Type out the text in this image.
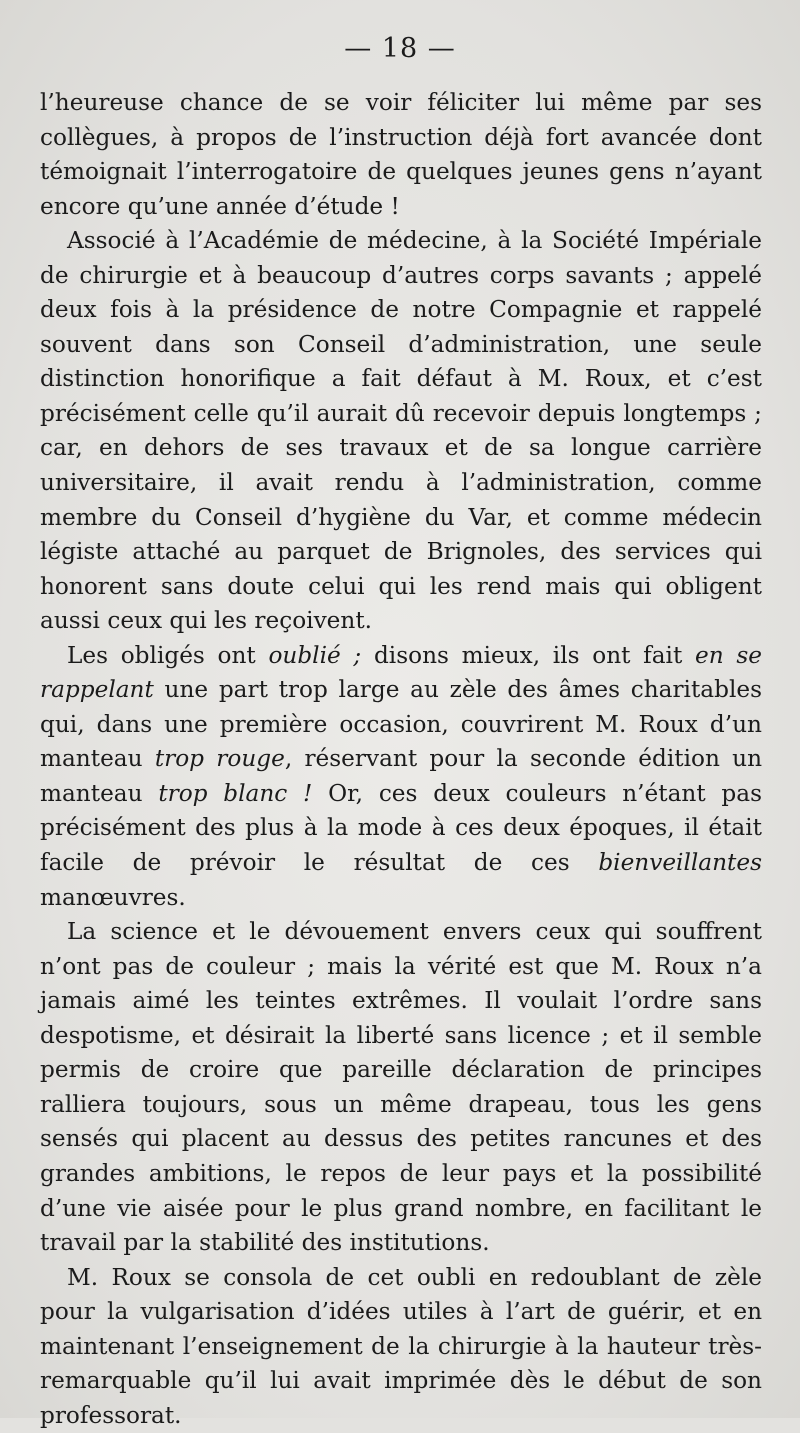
— 18 —

l’heureuse chance de se voir féliciter lui même par ses collègues, à propos de l’instruction déjà fort avancée dont témoignait l’interrogatoire de quelques jeunes gens n’ayant encore qu’une année d’étude !

Associé à l’Académie de médecine, à la Société Impériale de chirurgie et à beaucoup d’autres corps savants ; appelé deux fois à la présidence de notre Compagnie et rappelé souvent dans son Conseil d’administration, une seule distinction honorifique a fait défaut à M. Roux, et c’est précisément celle qu’il aurait dû recevoir depuis longtemps ; car, en dehors de ses travaux et de sa longue carrière universitaire, il avait rendu à l’administration, comme membre du Conseil d’hygiène du Var, et comme médecin légiste attaché au parquet de Brignoles, des services qui honorent sans doute celui qui les rend mais qui obligent aussi ceux qui les reçoivent.

Les obligés ont oublié ; disons mieux, ils ont fait en se rappelant une part trop large au zèle des âmes charitables qui, dans une première occasion, couvrirent M. Roux d’un manteau trop rouge, réservant pour la seconde édition un manteau trop blanc ! Or, ces deux couleurs n’étant pas précisément des plus à la mode à ces deux époques, il était facile de prévoir le résultat de ces bienveillantes manœuvres.

La science et le dévouement envers ceux qui souffrent n’ont pas de couleur ; mais la vérité est que M. Roux n’a jamais aimé les teintes extrêmes. Il voulait l’ordre sans despotisme, et désirait la liberté sans licence ; et il semble permis de croire que pareille déclaration de principes ralliera toujours, sous un même drapeau, tous les gens sensés qui placent au dessus des petites rancunes et des grandes ambitions, le repos de leur pays et la possibilité d’une vie aisée pour le plus grand nombre, en facilitant le travail par la stabilité des institutions.

M. Roux se consola de cet oubli en redoublant de zèle pour la vulgarisation d’idées utiles à l’art de guérir, et en maintenant l’enseignement de la chirurgie à la hauteur très-remarquable qu’il lui avait imprimée dès le début de son professorat.
